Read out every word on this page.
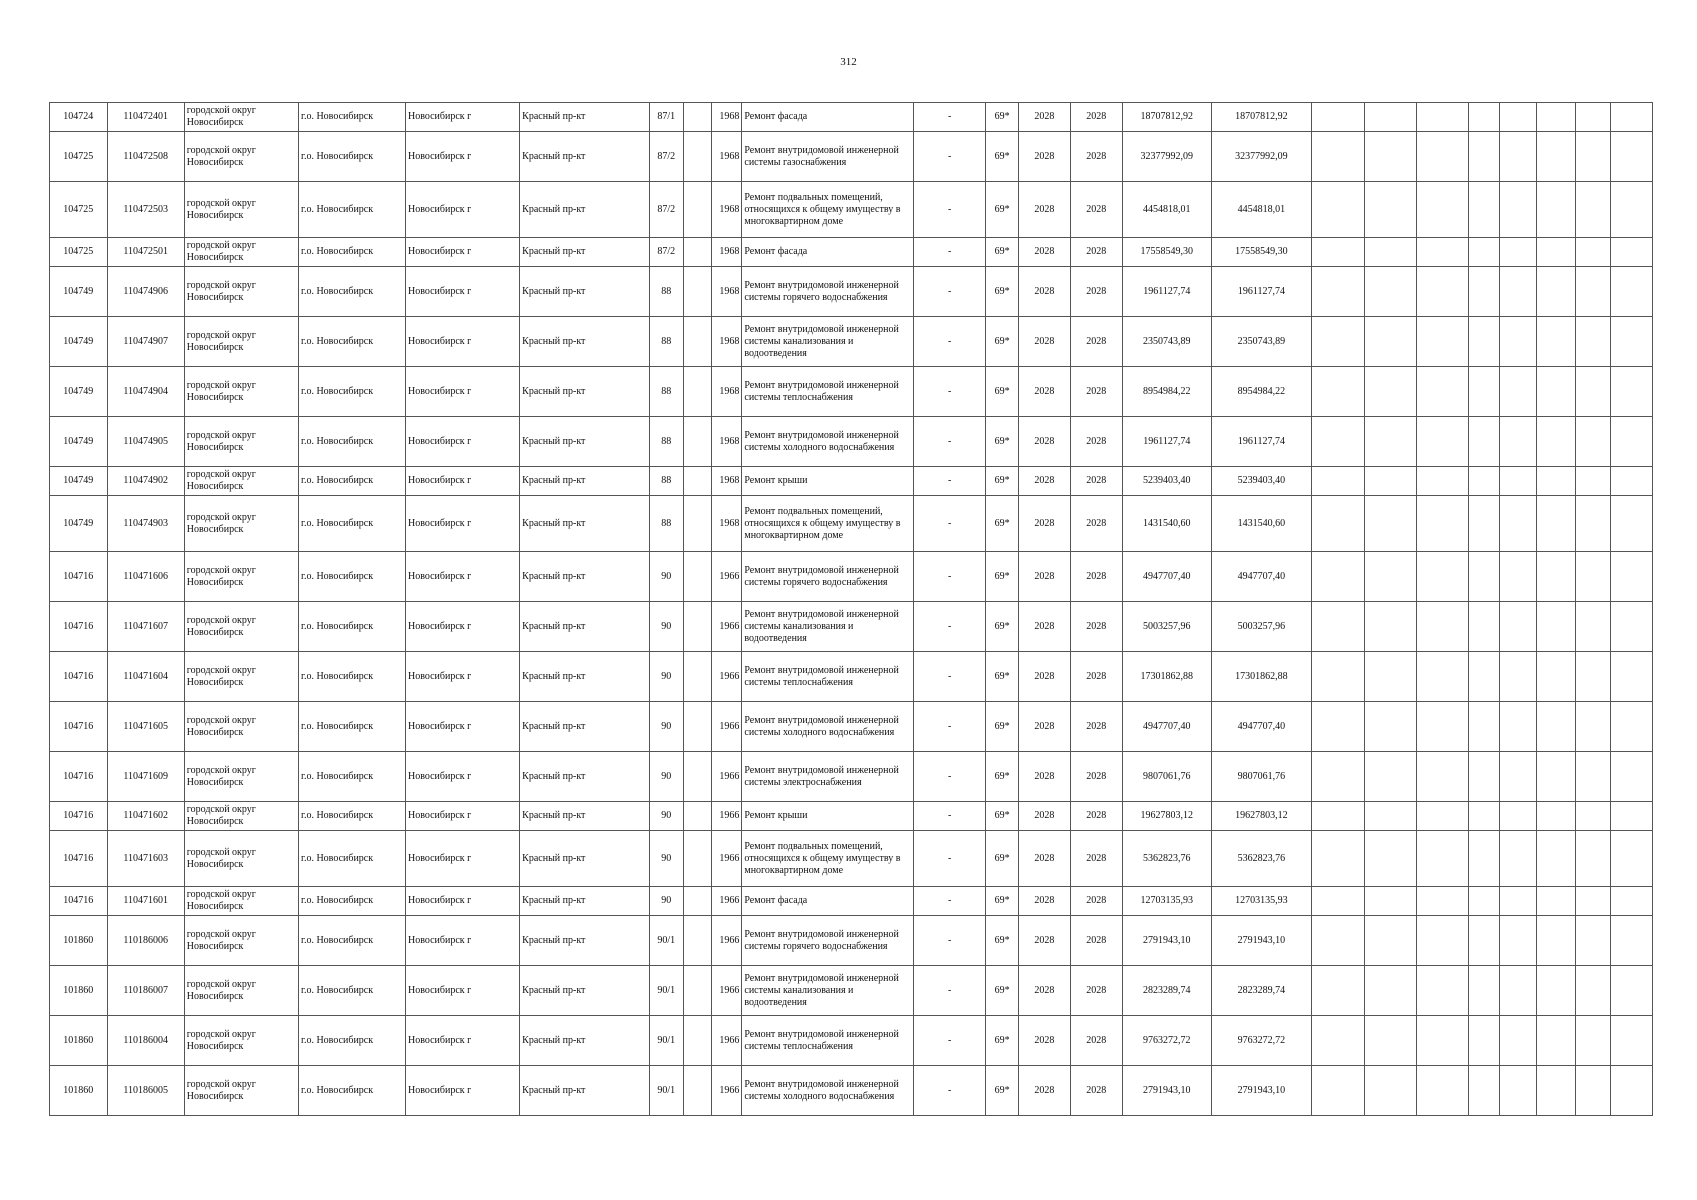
312
104724	110472401	городской округ Новосибирск	г.о. Новосибирск	Новосибирск г	Красный пр-кт	87/1		1968	Ремонт фасада	-	69*	2028	2028	18707812,92	18707812,92								
104725	110472508	городской округ Новосибирск	г.о. Новосибирск	Новосибирск г	Красный пр-кт	87/2		1968	Ремонт внутридомовой инженерной системы газоснабжения	-	69*	2028	2028	32377992,09	32377992,09								
104725	110472503	городской округ Новосибирск	г.о. Новосибирск	Новосибирск г	Красный пр-кт	87/2		1968	Ремонт подвальных помещений, относящихся к общему имуществу в многоквартирном доме	-	69*	2028	2028	4454818,01	4454818,01								
104725	110472501	городской округ Новосибирск	г.о. Новосибирск	Новосибирск г	Красный пр-кт	87/2		1968	Ремонт фасада	-	69*	2028	2028	17558549,30	17558549,30								
104749	110474906	городской округ Новосибирск	г.о. Новосибирск	Новосибирск г	Красный пр-кт	88		1968	Ремонт внутридомовой инженерной системы горячего водоснабжения	-	69*	2028	2028	1961127,74	1961127,74								
104749	110474907	городской округ Новосибирск	г.о. Новосибирск	Новосибирск г	Красный пр-кт	88		1968	Ремонт внутридомовой инженерной системы канализования и водоотведения	-	69*	2028	2028	2350743,89	2350743,89								
104749	110474904	городской округ Новосибирск	г.о. Новосибирск	Новосибирск г	Красный пр-кт	88		1968	Ремонт внутридомовой инженерной системы теплоснабжения	-	69*	2028	2028	8954984,22	8954984,22								
104749	110474905	городской округ Новосибирск	г.о. Новосибирск	Новосибирск г	Красный пр-кт	88		1968	Ремонт внутридомовой инженерной системы холодного водоснабжения	-	69*	2028	2028	1961127,74	1961127,74								
104749	110474902	городской округ Новосибирск	г.о. Новосибирск	Новосибирск г	Красный пр-кт	88		1968	Ремонт крыши	-	69*	2028	2028	5239403,40	5239403,40								
104749	110474903	городской округ Новосибирск	г.о. Новосибирск	Новосибирск г	Красный пр-кт	88		1968	Ремонт подвальных помещений, относящихся к общему имуществу в многоквартирном доме	-	69*	2028	2028	1431540,60	1431540,60								
104716	110471606	городской округ Новосибирск	г.о. Новосибирск	Новосибирск г	Красный пр-кт	90		1966	Ремонт внутридомовой инженерной системы горячего водоснабжения	-	69*	2028	2028	4947707,40	4947707,40								
104716	110471607	городской округ Новосибирск	г.о. Новосибирск	Новосибирск г	Красный пр-кт	90		1966	Ремонт внутридомовой инженерной системы канализования и водоотведения	-	69*	2028	2028	5003257,96	5003257,96								
104716	110471604	городской округ Новосибирск	г.о. Новосибирск	Новосибирск г	Красный пр-кт	90		1966	Ремонт внутридомовой инженерной системы теплоснабжения	-	69*	2028	2028	17301862,88	17301862,88								
104716	110471605	городской округ Новосибирск	г.о. Новосибирск	Новосибирск г	Красный пр-кт	90		1966	Ремонт внутридомовой инженерной системы холодного водоснабжения	-	69*	2028	2028	4947707,40	4947707,40								
104716	110471609	городской округ Новосибирск	г.о. Новосибирск	Новосибирск г	Красный пр-кт	90		1966	Ремонт внутридомовой инженерной системы электроснабжения	-	69*	2028	2028	9807061,76	9807061,76								
104716	110471602	городской округ Новосибирск	г.о. Новосибирск	Новосибирск г	Красный пр-кт	90		1966	Ремонт крыши	-	69*	2028	2028	19627803,12	19627803,12								
104716	110471603	городской округ Новосибирск	г.о. Новосибирск	Новосибирск г	Красный пр-кт	90		1966	Ремонт подвальных помещений, относящихся к общему имуществу в многоквартирном доме	-	69*	2028	2028	5362823,76	5362823,76								
104716	110471601	городской округ Новосибирск	г.о. Новосибирск	Новосибирск г	Красный пр-кт	90		1966	Ремонт фасада	-	69*	2028	2028	12703135,93	12703135,93								
101860	110186006	городской округ Новосибирск	г.о. Новосибирск	Новосибирск г	Красный пр-кт	90/1		1966	Ремонт внутридомовой инженерной системы горячего водоснабжения	-	69*	2028	2028	2791943,10	2791943,10								
101860	110186007	городской округ Новосибирск	г.о. Новосибирск	Новосибирск г	Красный пр-кт	90/1		1966	Ремонт внутридомовой инженерной системы канализования и водоотведения	-	69*	2028	2028	2823289,74	2823289,74								
101860	110186004	городской округ Новосибирск	г.о. Новосибирск	Новосибирск г	Красный пр-кт	90/1		1966	Ремонт внутридомовой инженерной системы теплоснабжения	-	69*	2028	2028	9763272,72	9763272,72								
101860	110186005	городской округ Новосибирск	г.о. Новосибирск	Новосибирск г	Красный пр-кт	90/1		1966	Ремонт внутридомовой инженерной системы холодного водоснабжения	-	69*	2028	2028	2791943,10	2791943,10								
